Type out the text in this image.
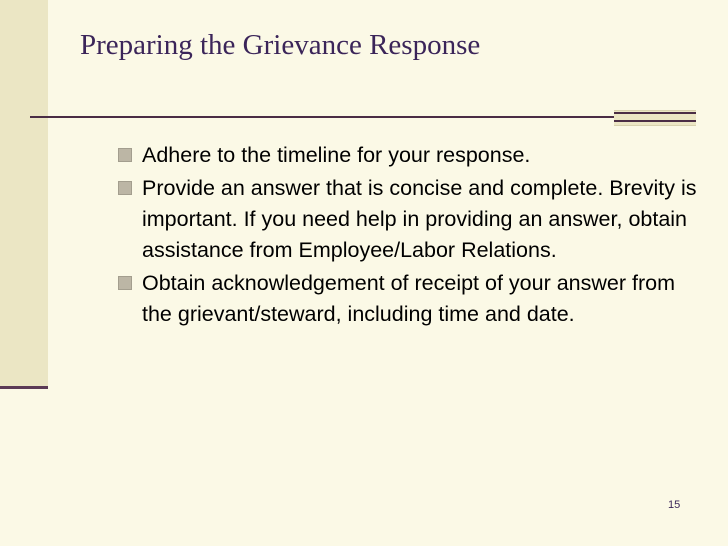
Preparing the Grievance Response
Adhere to the timeline for your response.
Provide an answer that is concise and complete. Brevity is important. If you need help in providing an answer, obtain assistance from Employee/Labor Relations.
Obtain acknowledgement of receipt of your answer from the grievant/steward, including time and date.
15
